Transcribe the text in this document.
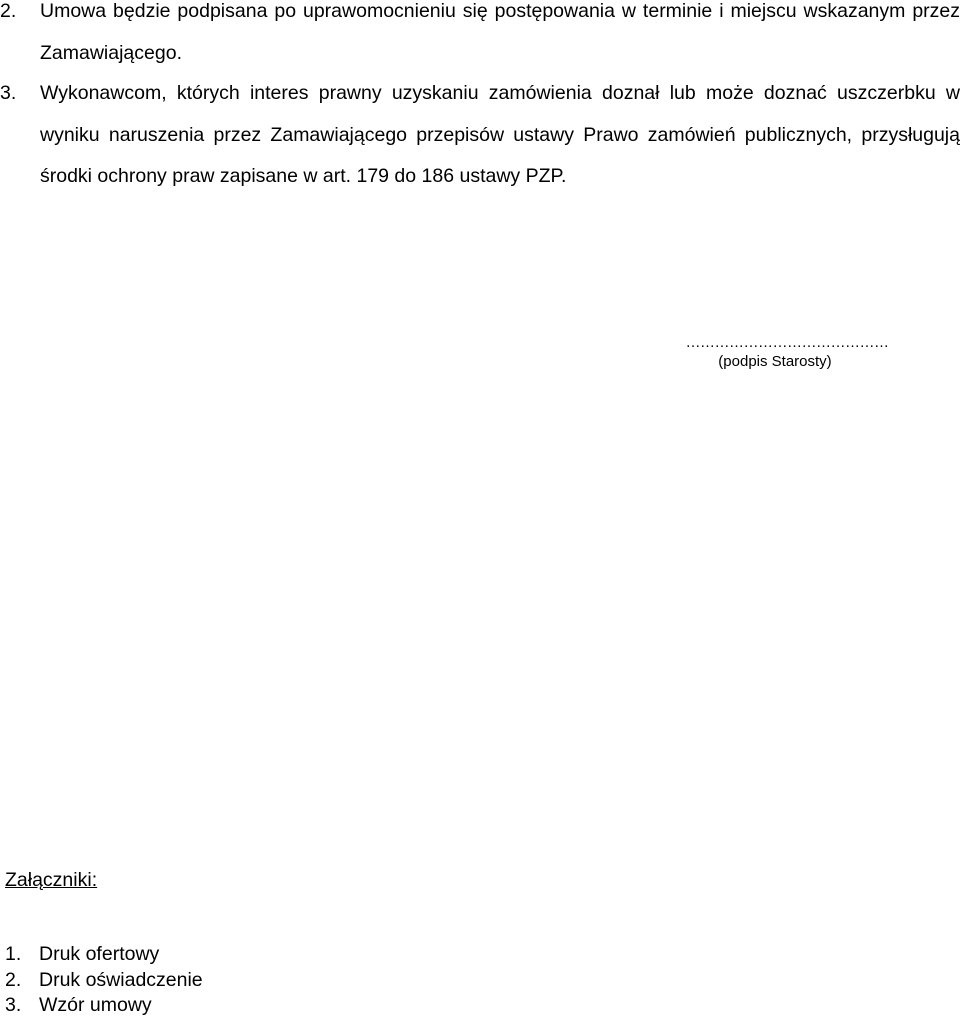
2. Umowa będzie podpisana po uprawomocnieniu się postępowania w terminie i miejscu wskazanym przez Zamawiającego.
3. Wykonawcom, których interes prawny uzyskaniu zamówienia doznał lub może doznać uszczerbku w wyniku naruszenia przez Zamawiającego przepisów ustawy Prawo zamówień publicznych, przysługują środki ochrony praw zapisane w art. 179 do 186 ustawy PZP.
……………………………………
(podpis Starosty)
Załączniki:
1. Druk ofertowy
2. Druk oświadczenie
3. Wzór umowy
